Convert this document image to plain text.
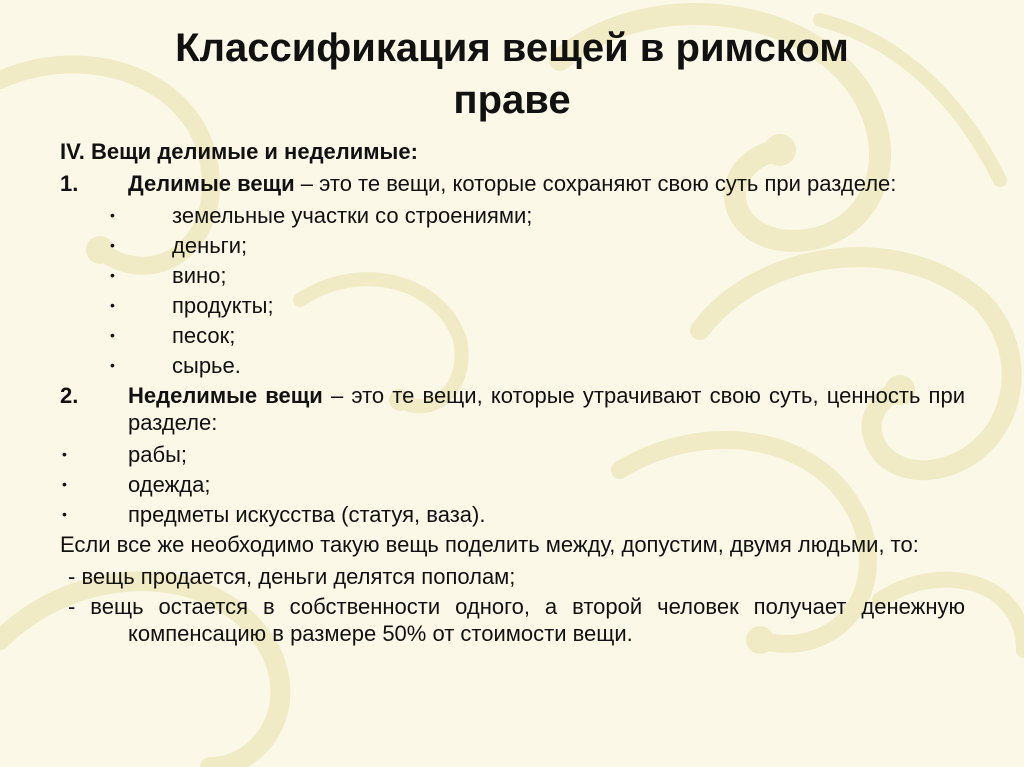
Классификация вещей в римском
праве
IV. Вещи делимые и неделимые:
1.	Делимые вещи – это те вещи, которые сохраняют свою суть при разделе:
•	земельные участки со строениями;
•	деньги;
•	вино;
•	продукты;
•	песок;
•	сырье.
2.	Неделимые вещи – это те вещи, которые утрачивают свою суть, ценность при разделе:
•	рабы;
•	одежда;
•	предметы искусства (статуя, ваза).
Если все же необходимо такую вещь поделить между, допустим, двумя людьми, то:
- вещь продается, деньги делятся пополам;
- вещь остается в собственности одного, а второй человек получает денежную компенсацию в размере 50% от стоимости вещи.
